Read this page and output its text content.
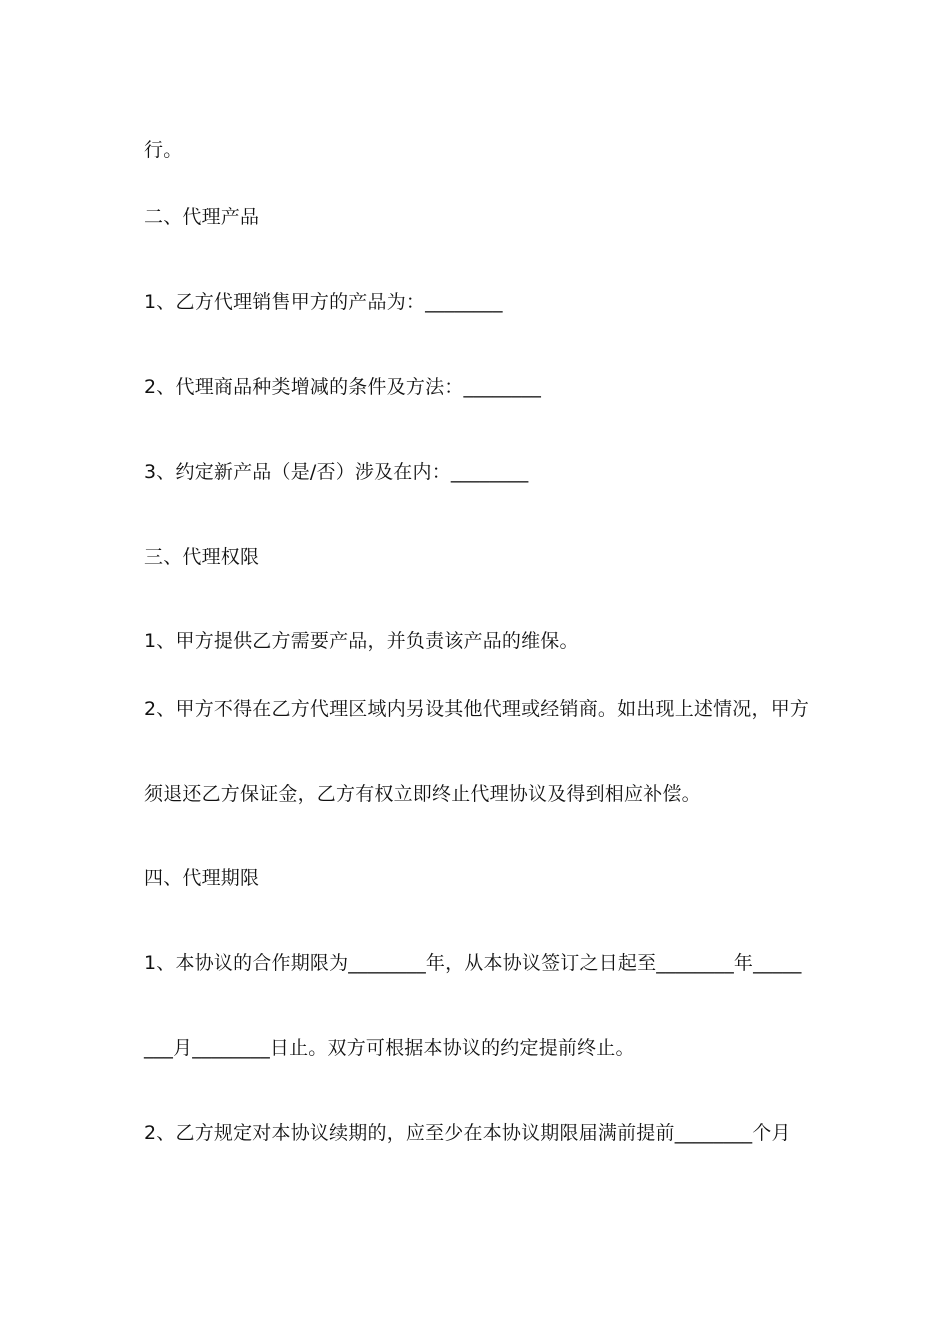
行。
二、代理产品
1、乙方代理销售甲方的产品为：________
2、代理商品种类增减的条件及方法：________
3、约定新产品（是/否）涉及在内：________
三、代理权限
1、甲方提供乙方需要产品，并负责该产品的维保。
2、甲方不得在乙方代理区域内另设其他代理或经销商。如出现上述情况，甲方
须退还乙方保证金，乙方有权立即终止代理协议及得到相应补偿。
四、代理期限
1、本协议的合作期限为________年，从本协议签订之日起至________年_____
___月________日止。双方可根据本协议的约定提前终止。
2、乙方规定对本协议续期的，应至少在本协议期限届满前提前________个月
